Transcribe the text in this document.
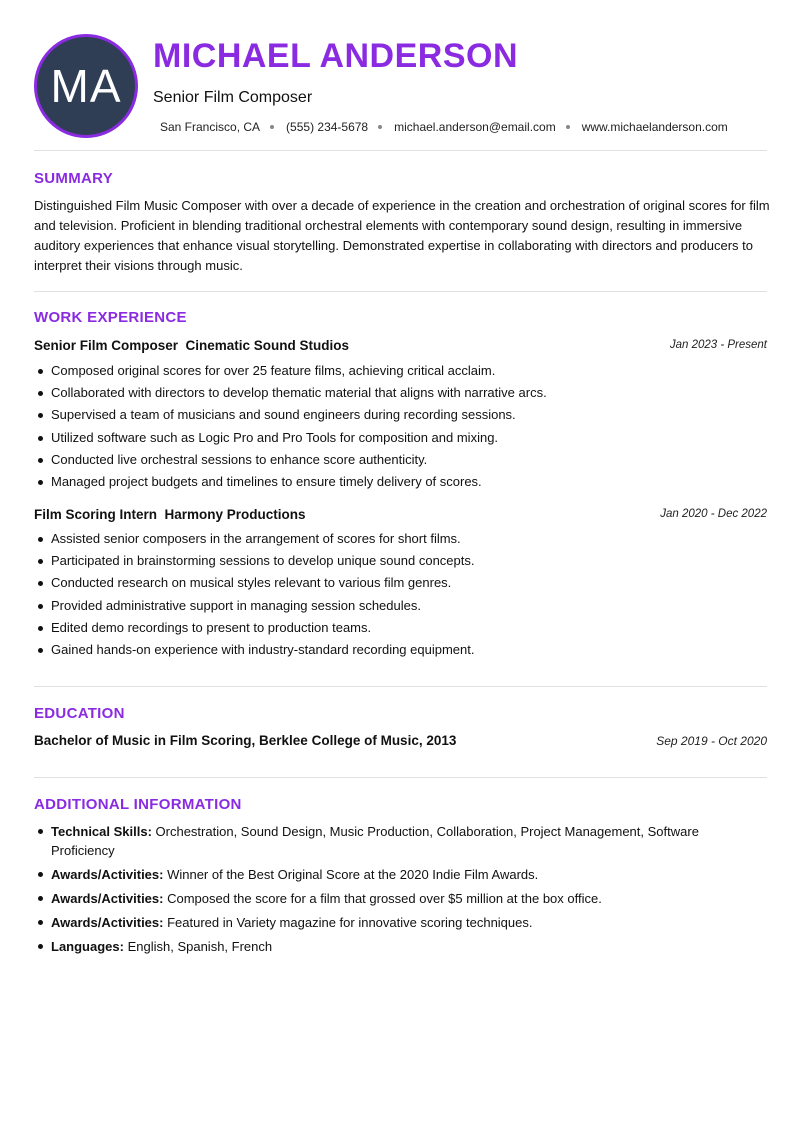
MA
MICHAEL ANDERSON
Senior Film Composer
San Francisco, CA (555) 234-5678 michael.anderson@email.com www.michaelanderson.com
SUMMARY

Distinguished Film Music Composer with over a decade of experience in the creation and orchestration of original scores for film and television. Proficient in blending traditional orchestral elements with contemporary sound design, resulting in immersive auditory experiences that enhance visual storytelling. Demonstrated expertise in collaborating with directors and producers to interpret their visions through music.

WORK EXPERIENCE
Senior Film Composer  Cinematic Sound Studios	Jan 2023 - Present
Composed original scores for over 25 feature films, achieving critical acclaim.
Collaborated with directors to develop thematic material that aligns with narrative arcs.
Supervised a team of musicians and sound engineers during recording sessions.
Utilized software such as Logic Pro and Pro Tools for composition and mixing.
Conducted live orchestral sessions to enhance score authenticity.
Managed project budgets and timelines to ensure timely delivery of scores.
Film Scoring Intern  Harmony Productions	Jan 2020 - Dec 2022
Assisted senior composers in the arrangement of scores for short films.
Participated in brainstorming sessions to develop unique sound concepts.
Conducted research on musical styles relevant to various film genres.
Provided administrative support in managing session schedules.
Edited demo recordings to present to production teams.
Gained hands-on experience with industry-standard recording equipment.
EDUCATION
Bachelor of Music in Film Scoring, Berklee College of Music, 2013	Sep 2019 - Oct 2020
ADDITIONAL INFORMATION
Technical Skills: Orchestration, Sound Design, Music Production, Collaboration, Project Management, Software Proficiency
Awards/Activities: Winner of the Best Original Score at the 2020 Indie Film Awards.
Awards/Activities: Composed the score for a film that grossed over $5 million at the box office.
Awards/Activities: Featured in Variety magazine for innovative scoring techniques.
Languages: English, Spanish, French
